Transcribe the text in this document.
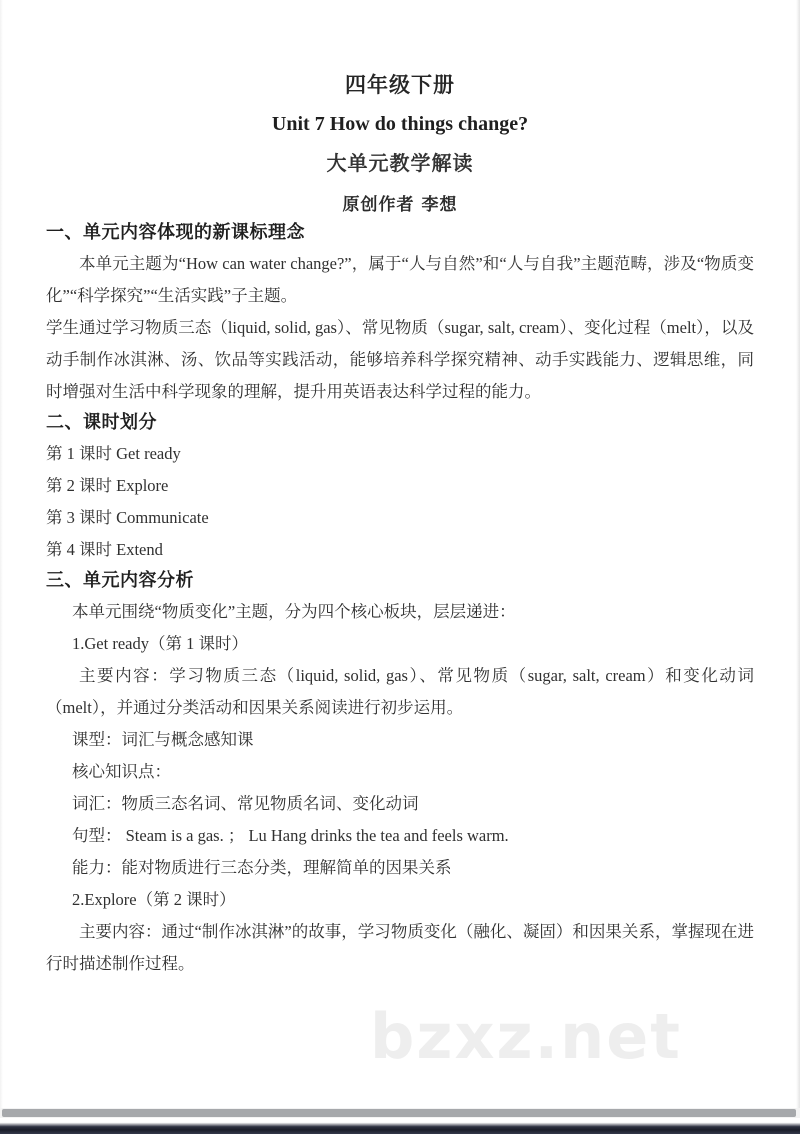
bzxz.net
四年级下册
Unit 7 How do things change?
大单元教学解读
原创作者 李想
一、单元内容体现的新课标理念

本单元主题为“How can water change?”，属于“人与自然”和“人与自我”主题范畴，涉及“物质变化”“科学探究”“生活实践”子主题。

学生通过学习物质三态（liquid, solid, gas）、常见物质（sugar, salt, cream）、变化过程（melt），以及动手制作冰淇淋、汤、饮品等实践活动，能够培养科学探究精神、动手实践能力、逻辑思维，同时增强对生活中科学现象的理解，提升用英语表达科学过程的能力。

二、课时划分
第 1 课时 Get ready
第 2 课时 Explore
第 3 课时 Communicate
第 4 课时 Extend
三、单元内容分析

本单元围绕“物质变化”主题，分为四个核心板块，层层递进：

1.Get ready（第 1 课时）

主要内容：学习物质三态（liquid, solid, gas）、常见物质（sugar, salt, cream）和变化动词（melt），并通过分类活动和因果关系阅读进行初步运用。

课型：词汇与概念感知课

核心知识点：

词汇：物质三态名词、常见物质名词、变化动词

句型： Steam is a gas. ； Lu Hang drinks the tea and feels warm.

能力：能对物质进行三态分类，理解简单的因果关系

2.Explore（第 2 课时）

主要内容：通过“制作冰淇淋”的故事，学习物质变化（融化、凝固）和因果关系，掌握现在进行时描述制作过程。
